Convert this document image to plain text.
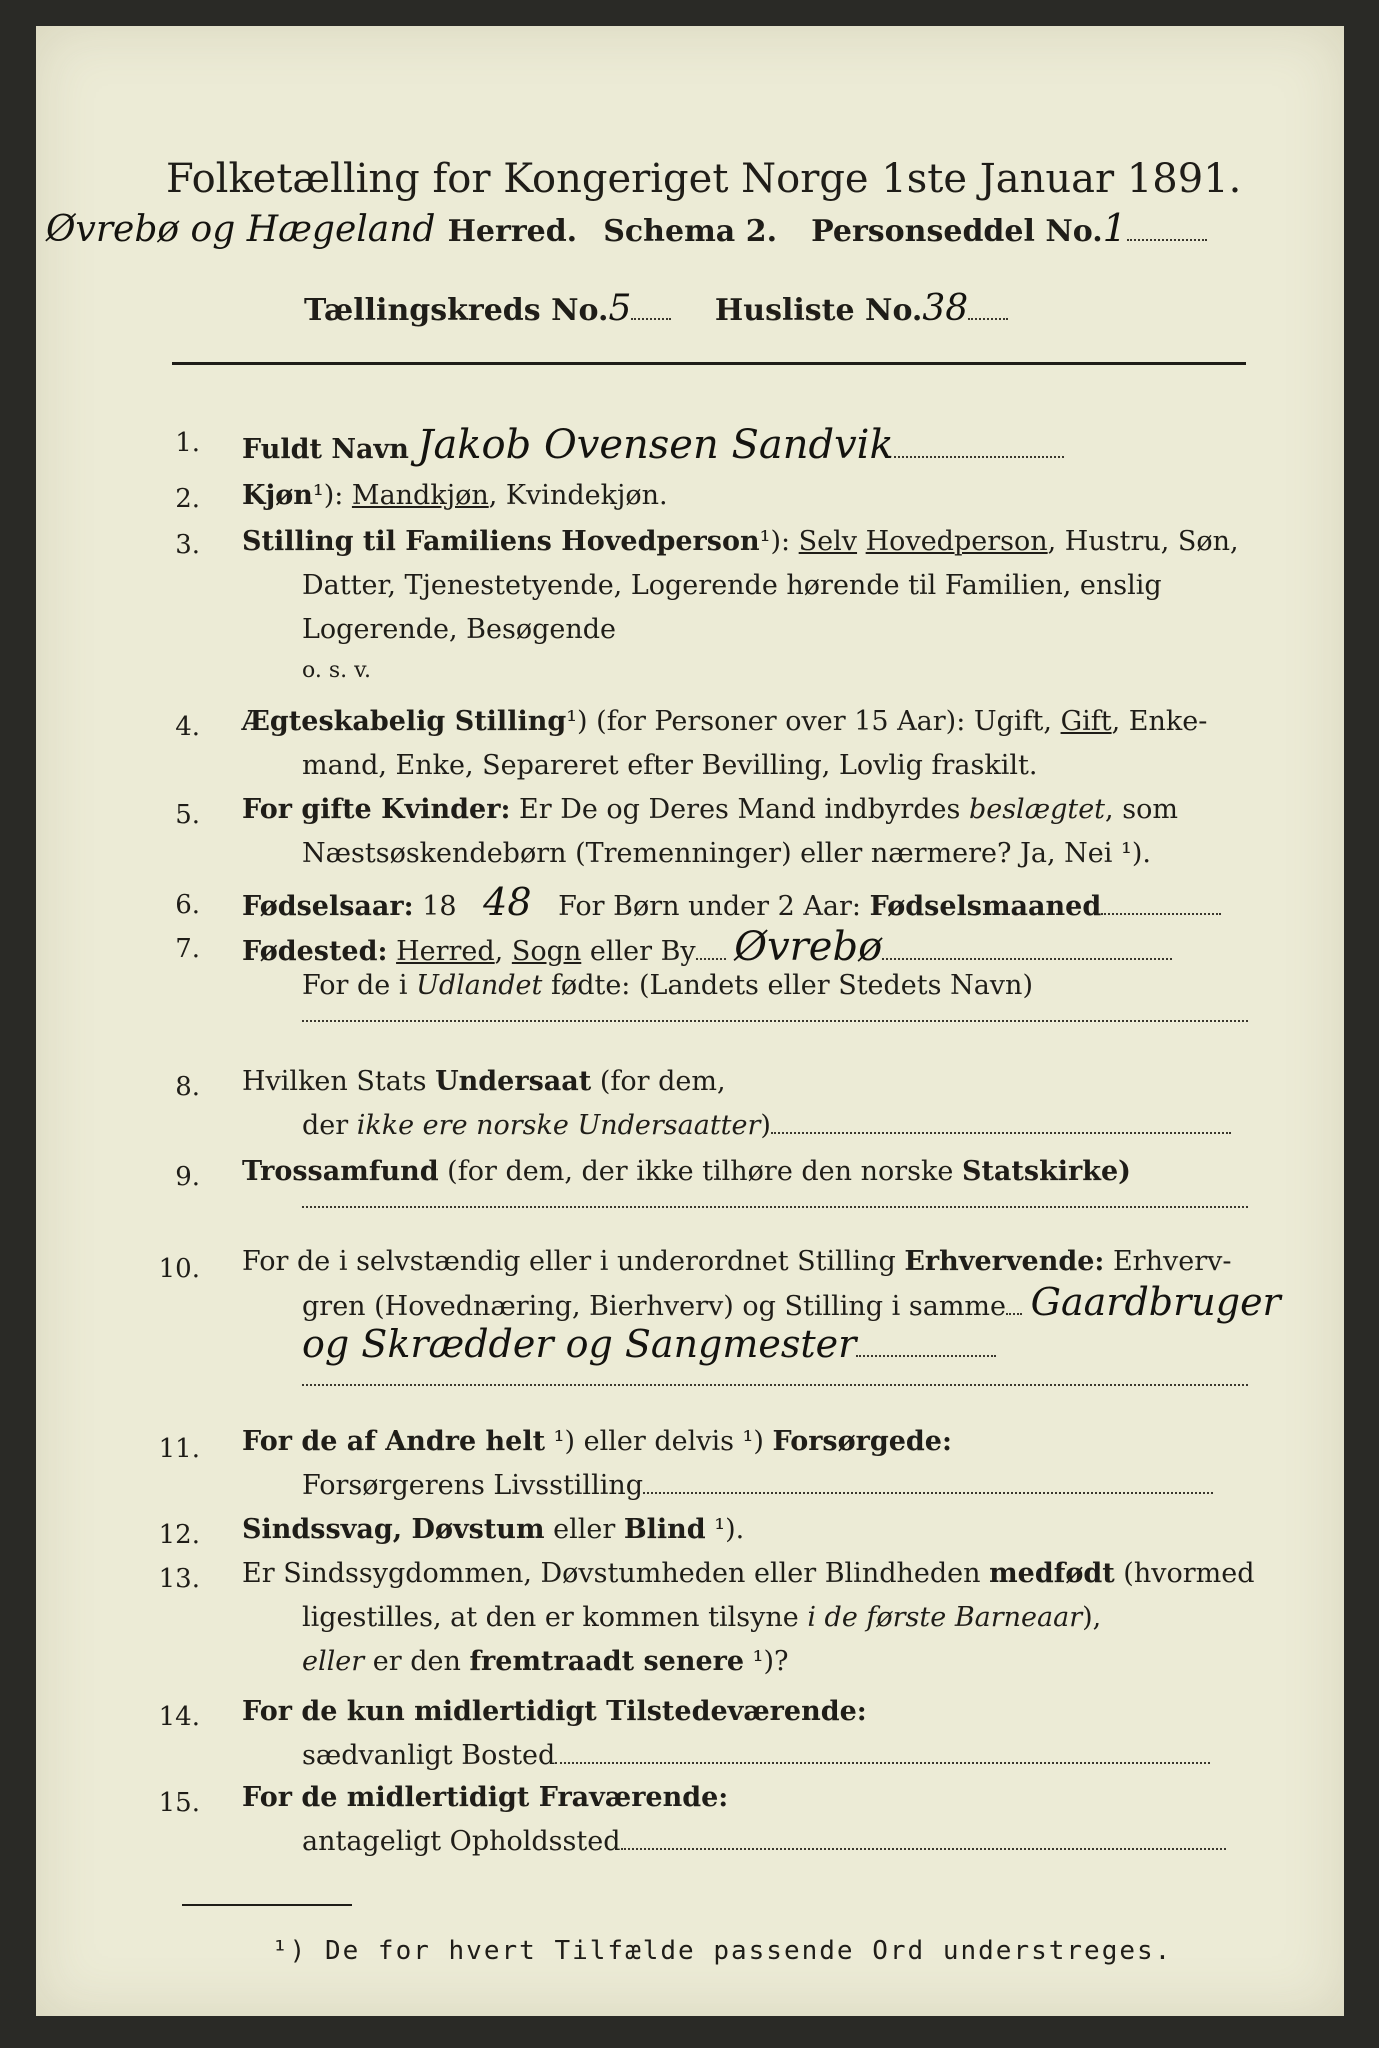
Folketælling for Kongeriget Norge 1ste Januar 1891.
Øvrebø og Hægeland Herred. Schema 2. Personseddel No.1
Tællingskreds No.5	Husliste No.38
1. Fuldt Navn Jakob Ovensen Sandvik
2. Kjøn¹): Mandkjøn, Kvindekjøn.
3. Stilling til Familiens Hovedperson¹): Selv Hovedperson, Hustru, Søn,
Datter, Tjenestetyende, Logerende hørende til Familien, enslig
Logerende, Besøgende
o. s. v.
4. Ægteskabelig Stilling¹) (for Personer over 15 Aar): Ugift, Gift, Enke-
mand, Enke, Separeret efter Bevilling, Lovlig fraskilt.
5. For gifte Kvinder: Er De og Deres Mand indbyrdes beslægtet, som
Næstsøskendebørn (Tremenninger) eller nærmere? Ja, Nei ¹).
6. Fødselsaar: 18 48 For Børn under 2 Aar: Fødselsmaaned
7. Fødested: Herred, Sogn eller By Øvrebø
For de i Udlandet fødte: (Landets eller Stedets Navn)
8. Hvilken Stats Undersaat (for dem,
der ikke ere norske Undersaatter)
9. Trossamfund (for dem, der ikke tilhøre den norske Statskirke)
10. For de i selvstændig eller i underordnet Stilling Erhvervende: Erhverv-
gren (Hovednæring, Bierhverv) og Stilling i samme Gaardbruger
og Skrædder og Sangmester
11. For de af Andre helt ¹) eller delvis ¹) Forsørgede:
Forsørgerens Livsstilling
12. Sindssvag, Døvstum eller Blind ¹).
13. Er Sindssygdommen, Døvstumheden eller Blindheden medfødt (hvormed
ligestilles, at den er kommen tilsyne i de første Barneaar),
eller er den fremtraadt senere ¹)?
14. For de kun midlertidigt Tilstedeværende:
sædvanligt Bosted
15. For de midlertidigt Fraværende:
antageligt Opholdssted
¹) De for hvert Tilfælde passende Ord understreges.
